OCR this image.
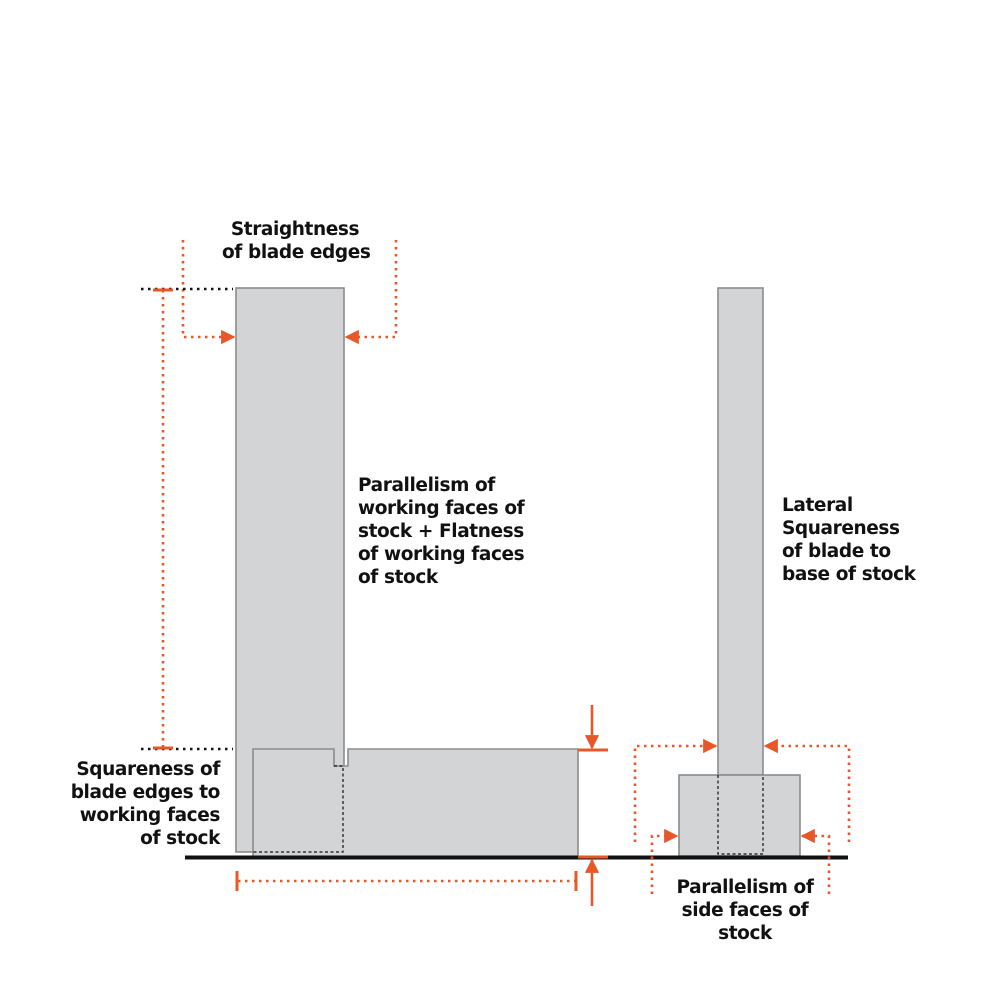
Straightness
of blade edges
Parallelism of
working faces of
stock + Flatness
of working faces
of stock
Lateral
Squareness
of blade to
base of stock
Squareness of
blade edges to
working faces
of stock
Parallelism of
side faces of
stock
